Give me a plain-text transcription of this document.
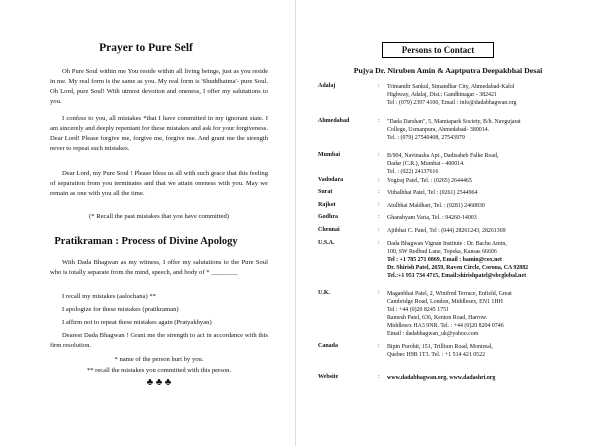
Prayer to Pure Self

Oh Pure Soul within me You reside within all living beings, just as you reside in me. My real form is the same as you. My real form is 'Shuddhatma'- pure Soul. Oh Lord, pure Soul! With utmost devotion and oneness, I offer my salutations to you.

I confess to you, all mistakes *that I have committed in my ignorant state. I am sincerely and deeply repentant for these mistakes and ask for your forgiveness. Dear Lord! Please forgive me, forgive me, forgive me. And grant me the strength never to repeat such mistakes.

Dear Lord, my Pure Soul ! Please bless us all with such grace that this feeling of separation from you terminates and that we attain oneness with you. May we remain as one with you all the time.

(* Recall the past mistakes that you have committed)

Pratikraman : Process of Divine Apology

With Dada Bhagwan as my witness, I offer my salutations to the Pure Soul who is totally separate from the mind, speech, and body of * ________

I recall my mistakes (aalochana) **

I apologize for these mistakes (pratikraman)

I affirm not to repeat these mistakes again (Pratyakhyan)

Dearest Dada Bhagwan ! Grant me the strength to act in accordance with this firm resolution.

* name of the person hurt by you.

** recall the mistakes you committed with this person.

♣ ♣ ♣

Persons to Contact
Pujya Dr. Niruben Amin & Aaptputra Deepakbhai Desai
Adalaj	: Trimandir Sankul, Simandhar City, Ahmedabad-Kalol
Highway, Adalaj, Dist.: Gandhinagar - 382421
Tel : (079) 2397 4100, Email : info@dadabhagwan.org
Ahmedabad	: "Dada Darshan", 5, Mamtapark Society, B/h. Navgujarat
College, Usmanpura, Ahmedabad- 380014.
Tel. : (079) 27540408, 27543979
Mumbai	: B/904, Navinasha Apt., Dadisaheb Falke Road,
Dadar (C.R.), Mumbai - 400014.
Tel. : (022) 24137616
Vadodara	: Yogiraj Patel, Tel. : (0265) 2644465
Surat	: Vithalbhai Patel, Tel : (0261) 2544964
Rajkot	: Atulbhai Maldhari, Tel. : (0281) 2468830
Godhra	: Ghanshyam Varia, Tel. : 94260-14003
Chennai	: Ajitbhai C. Patel, Tel : (044) 28261243, 28261369
U.S.A.	: Dada Bhagwan Vignan Institute : Dr. Bachu Amin,
100, SW Redbud Lane, Topeka, Kansas 66606
Tel : +1 785 271 0869, Email : bamin@cox.net
Dr. Shirish Patel, 2659, Raven Circle, Corona, CA 92882
Tel.:+1 951 734 4715, Email:shirishpatel@sbcglobal.net
U.K.	: Maganbhai Patel, 2, Winifred Terrace, Enfield, Great
Cambridge Road, London, Middlesex, EN1 1HH
Tel : +44 (0)20 8245 1751
Ramesh Patel, 636, Kenton Road, Harrow.
Middlesex HA3 9NR. Tel. : +44 (0)20 8204 0746
Email : dadabhagwan_uk@yahoo.com
Canada	: Bipin Purohit, 151, Trillium Road, Montreal,
Quebec H9B 1T3. Tel. : +1 514 421 0522
Website	: www.dadabhagwan.org, www.dadashri.org
